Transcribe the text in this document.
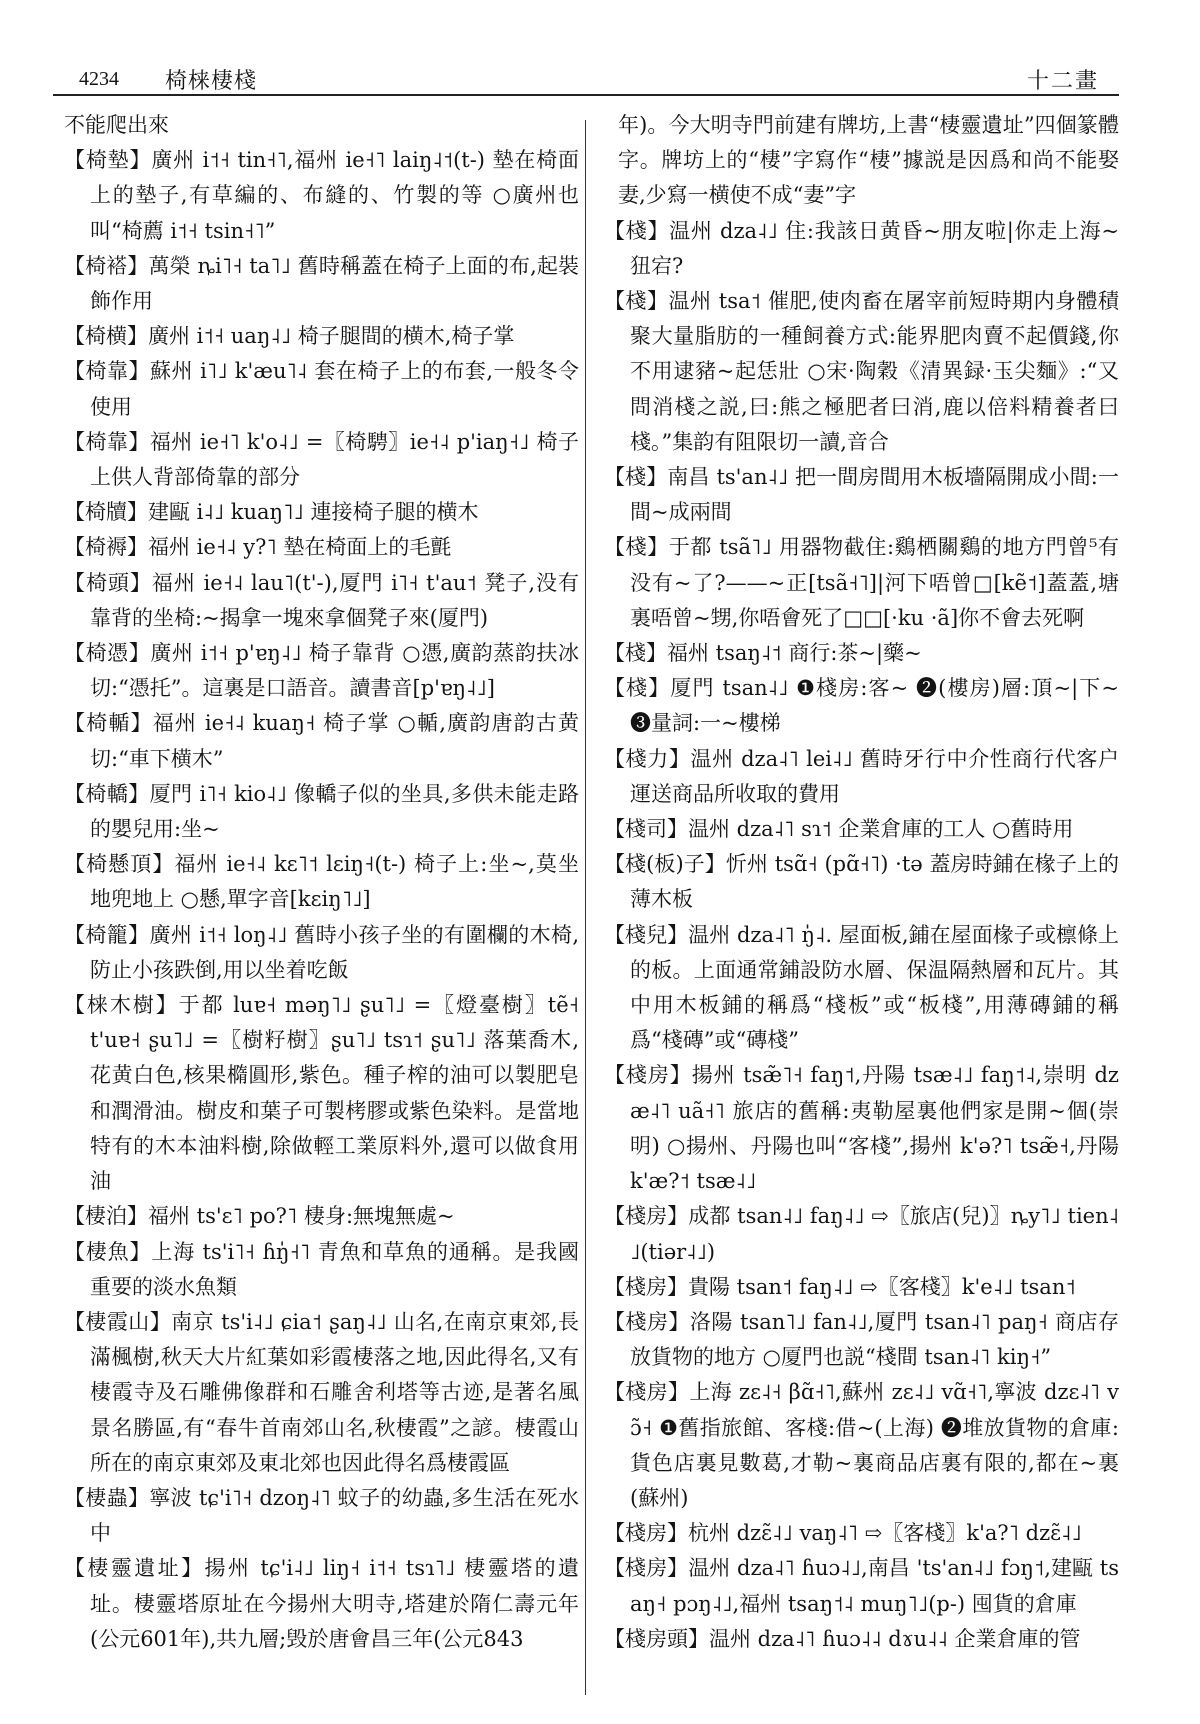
4234 椅梾棲棧	十二畫

不能爬出來

【椅墊】廣州 i˦˧ tin˧˥,福州 ie˧˥ laiŋ˨˦(t-) 墊在椅面上的墊子,有草編的、布縫的、竹製的等 ○廣州也叫“椅薦 i˦˧ tsin˧˥”

【椅褡】萬榮 ȵi˥˧ ta˥˩ 舊時稱蓋在椅子上面的布,起裝飾作用

【椅横】廣州 i˦˧ uaŋ˨˩ 椅子腿間的横木,椅子掌

【椅靠】蘇州 i˥˩ k'æu˥˨ 套在椅子上的布套,一般冬令使用

【椅靠】福州 ie˧˥ k'o˨˩ =〖椅騁〗ie˧˨ p'iaŋ˧˩ 椅子上供人背部倚靠的部分

【椅牘】建甌 i˨˩ kuaŋ˥˩ 連接椅子腿的横木

【椅褥】福州 ie˧˨ y?˥ 墊在椅面上的毛氈

【椅頭】福州 ie˧˨ lau˥(t'-),厦門 i˥˧ t'au˦ 凳子,没有靠背的坐椅:~揭拿一塊來拿個凳子來(厦門)

【椅憑】廣州 i˦˧ p'ɐŋ˨˩ 椅子靠背 ○憑,廣韵蒸韵扶冰切:“憑托”。這裏是口語音。讀書音[p'ɐŋ˨˩]

【椅輴】福州 ie˧˨ kuaŋ˧ 椅子掌 ○輴,廣韵唐韵古黄切:“車下横木”

【椅轎】厦門 i˥˧ kio˨˩ 像轎子似的坐具,多供未能走路的嬰兒用:坐~

【椅懸頂】福州 ie˧˨ kɛ˥˦ lɛiŋ˧(t-) 椅子上:坐~,莫坐地兜地上 ○懸,單字音[kɛiŋ˥˩]

【椅籠】廣州 i˦˧ loŋ˨˩ 舊時小孩子坐的有圍欄的木椅,防止小孩跌倒,用以坐着吃飯

【梾木樹】于都 luɐ˧ məŋ˥˩ ʂu˥˩ =〖燈臺樹〗tẽ˧ t'uɐ˧ ʂu˥˩ =〖樹籽樹〗ʂu˥˩ tsɿ˦ ʂu˥˩ 落葉喬木,花黄白色,核果橢圓形,紫色。種子榨的油可以製肥皂和潤滑油。樹皮和葉子可製栲膠或紫色染料。是當地特有的木本油料樹,除做輕工業原料外,還可以做食用油

【棲泊】福州 ts'ɛ˥ po?˥ 棲身:無塊無處~

【棲魚】上海 ts'i˥˧ ɦŋ̍˧˥ 青魚和草魚的通稱。是我國重要的淡水魚類

【棲霞山】南京 ts'i˨˩ ɕia˦ ʂaŋ˨˩ 山名,在南京東郊,長滿楓樹,秋天大片紅葉如彩霞棲落之地,因此得名,又有棲霞寺及石雕佛像群和石雕舍利塔等古迹,是著名風景名勝區,有“春牛首南郊山名,秋棲霞”之諺。棲霞山所在的南京東郊及東北郊也因此得名爲棲霞區

【棲蟲】寧波 tɕ'i˥˧ dzoŋ˨˥ 蚊子的幼蟲,多生活在死水中

【棲靈遺址】揚州 tɕ'i˨˩ liŋ˧ i˦˧ tsɿ˥˩ 棲靈塔的遺址。棲靈塔原址在今揚州大明寺,塔建於隋仁壽元年(公元601年),共九層;毁於唐會昌三年(公元843

年)。今大明寺門前建有牌坊,上書“棲靈遺址”四個篆體字。牌坊上的“棲”字寫作“棲”據説是因爲和尚不能娶妻,少寫一横使不成“妻”字

【棧】温州 dza˨˩ 住:我該日黄昏~朋友啦|你走上海~狃宕?

【棧】温州 tsa˦ 催肥,使肉畜在屠宰前短時期内身體積聚大量脂肪的一種飼養方式:能界肥肉賣不起價錢,你不用逮豬~起恁壯 ○宋·陶穀《清異録·玉尖麵》:“又問消棧之説,曰:熊之極肥者曰消,鹿以倍料精養者曰棧。”集韵有阻限切一讀,音合

【棧】南昌 ts'an˨˩ 把一間房間用木板墻隔開成小間:一間~成兩間

【棧】于都 tsã˥˩ 用器物截住:鷄栖關鷄的地方門曾⁵有没有~了?——~正[tsã˧˥]|河下唔曾□[kẽ˦]蓋蓋,塘裏唔曾~甥,你唔會死了□□[·ku ·ã]你不會去死啊

【棧】福州 tsaŋ˨˦ 商行:茶~|藥~

【棧】厦門 tsan˨˩ ❶棧房:客~ ❷(樓房)層:頂~|下~ ❸量詞:一~樓梯

【棧力】温州 dza˨˥ lei˨˩ 舊時牙行中介性商行代客户運送商品所收取的費用

【棧司】温州 dza˨˥ sɿ˦ 企業倉庫的工人 ○舊時用

【棧(板)子】忻州 tsɑ̃˧ (pɑ̃˧˥) ·tə 蓋房時鋪在椽子上的薄木板

【棧兒】温州 dza˨˥ ŋ̍˨. 屋面板,鋪在屋面椽子或檩條上的板。上面通常鋪設防水層、保温隔熱層和瓦片。其中用木板鋪的稱爲“棧板”或“板棧”,用薄磚鋪的稱爲“棧磚”或“磚棧”

【棧房】揚州 tsæ̃˥˧ faŋ˦,丹陽 tsæ˨˩ faŋ˦˨,崇明 dzæ˨˥ uã˧˥ 旅店的舊稱:夷勒屋裏他們家是開~個(崇明) ○揚州、丹陽也叫“客棧”,揚州 k'ə?˥ tsæ̃˧,丹陽 k'æ?˦ tsæ˨˩

【棧房】成都 tsan˨˩ faŋ˨˩ ⇨〖旅店(兒)〗ȵy˥˩ tien˨˩(tiər˨˩)

【棧房】貴陽 tsan˦ faŋ˨˩ ⇨〖客棧〗k'e˨˩ tsan˦

【棧房】洛陽 tsan˥˩ fan˨˩,厦門 tsan˨˥ paŋ˧ 商店存放貨物的地方 ○厦門也説“棧間 tsan˨˥ kiŋ˧”

【棧房】上海 zɛ˨˧ βɑ̃˧˥,蘇州 zɛ˨˩ vɑ̃˧˥,寧波 dzɛ˨˥ vɔ̃˧ ❶舊指旅館、客棧:借~(上海) ❷堆放貨物的倉庫:貨色店裏見數葛,才勒~裏商品店裏有限的,都在~裏(蘇州)

【棧房】杭州 dzɛ̃˨˩ vaŋ˨˥ ⇨〖客棧〗k'a?˥ dzɛ̃˨˩

【棧房】温州 dza˨˥ ɦuɔ˨˩,南昌 'ts'an˨˩ fɔŋ˦,建甌 tsaŋ˧ pɔŋ˨˩,福州 tsaŋ˦˨ muŋ˥˩(p-) 囤貨的倉庫

【棧房頭】温州 dza˨˥ ɦuɔ˨˨ dɤu˨˨ 企業倉庫的管
